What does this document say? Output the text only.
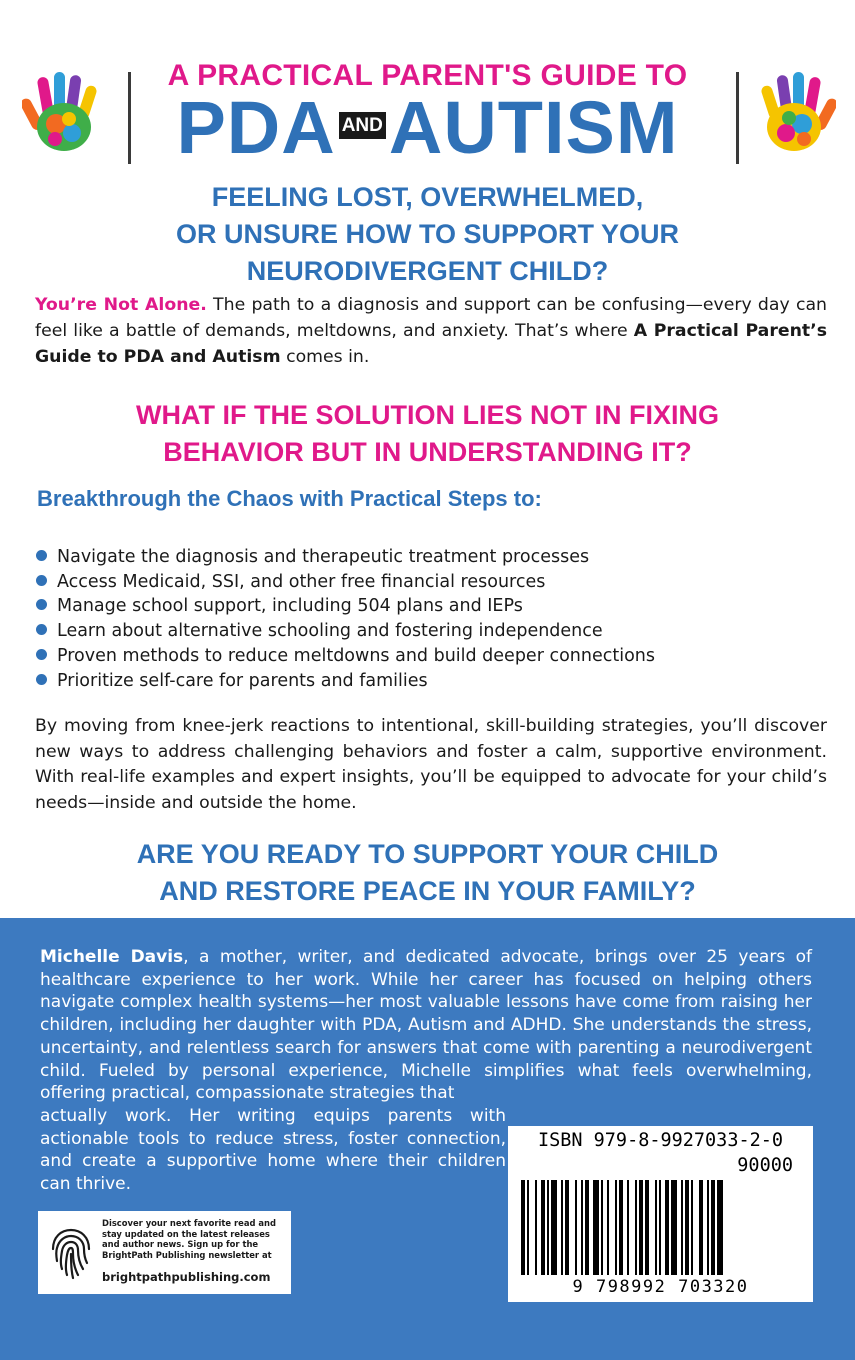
A PRACTICAL PARENT'S GUIDE TO
PDA ANDAUTISM
FEELING LOST, OVERWHELMED,
OR UNSURE HOW TO SUPPORT YOUR
NEURODIVERGENT CHILD?

You’re Not Alone. The path to a diagnosis and support can be confusing—every day can feel like a battle of demands, meltdowns, and anxiety. That’s where A Practical Parent’s Guide to PDA and Autism comes in.

WHAT IF THE SOLUTION LIES NOT IN FIXING
BEHAVIOR BUT IN UNDERSTANDING IT?
Breakthrough the Chaos with Practical Steps to:
Navigate the diagnosis and therapeutic treatment processes
Access Medicaid, SSI, and other free financial resources
Manage school support, including 504 plans and IEPs
Learn about alternative schooling and fostering independence
Proven methods to reduce meltdowns and build deeper connections
Prioritize self-care for parents and families

By moving from knee-jerk reactions to intentional, skill-building strategies, you’ll discover new ways to address challenging behaviors and foster a calm, supportive environment. With real-life examples and expert insights, you’ll be equipped to advocate for your child’s needs—inside and outside the home.

ARE YOU READY TO SUPPORT YOUR CHILD
AND RESTORE PEACE IN YOUR FAMILY?

Michelle Davis, a mother, writer, and dedicated advocate, brings over 25 years of healthcare experience to her work. While her career has focused on helping others navigate complex health systems—her most valuable lessons have come from raising her children, including her daughter with PDA, Autism and ADHD. She understands the stress, uncertainty, and relentless search for answers that come with parenting a neurodivergent child. Fueled by personal experience, Michelle simplifies what feels overwhelming, offering practical, compassionate strategies that

actually work. Her writing equips parents with actionable tools to reduce stress, foster connection, and create a supportive home where their children can thrive.

ISBN 979-8-9927033-2-0
90000
9 798992 703320

Discover your next favorite read and stay updated on the latest releases and author news. Sign up for the BrightPath Publishing newsletter at

brightpathpublishing.com
